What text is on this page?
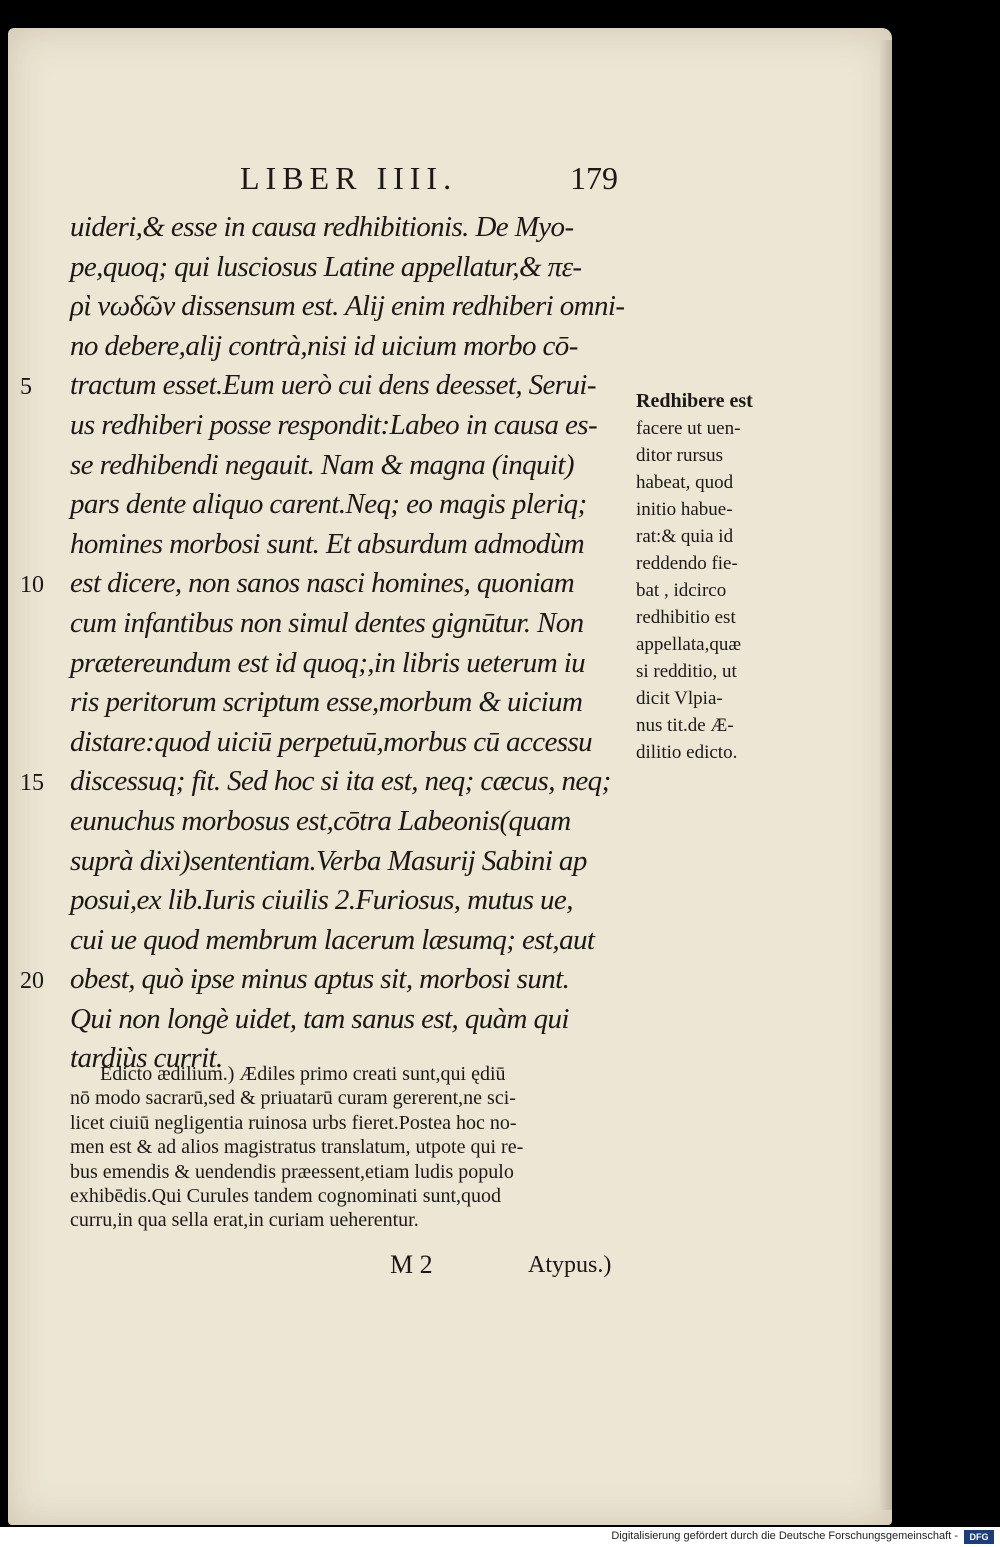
LIBER IIII.	179
5
10
15
20
uideri,& esse in causa redhibitionis. De Myo-
pe,quoq; qui lusciosus Latine appellatur,& πε-
ρὶ νωδῶν dissensum est. Alij enim redhiberi omni-
no debere,alij contrà,nisi id uicium morbo cō-
tractum esset.Eum uerò cui dens deesset, Serui-
us redhiberi posse respondit:Labeo in causa es-
se redhibendi negauit. Nam & magna (inquit)
pars dente aliquo carent.Neq; eo magis pleriq;
homines morbosi sunt. Et absurdum admodùm
est dicere, non sanos nasci homines, quoniam
cum infantibus non simul dentes gignūtur. Non
prætereundum est id quoq;,in libris ueterum iu
ris peritorum scriptum esse,morbum & uicium
distare:quod uiciū perpetuū,morbus cū accessu
discessuq; fit. Sed hoc si ita est, neq; cæcus, neq;
eunuchus morbosus est,cōtra Labeonis(quam
suprà dixi)sententiam.Verba Masurij Sabini ap
posui,ex lib.Iuris ciuilis 2.Furiosus, mutus ue,
cui ue quod membrum lacerum læsumq; est,aut
obest, quò ipse minus aptus sit, morbosi sunt.
Qui non longè uidet, tam sanus est, quàm qui
tardiùs currit.
Redhibere est
facere ut uen-
ditor rursus
habeat, quod
initio habue-
rat:& quia id
reddendo fie-
bat , idcirco
redhibitio est
appellata,quæ
si redditio, ut
dicit Vlpia-
nus tit.de Æ-
dilitio edicto.
Edicto ædilium.) Ædiles primo creati sunt,qui ędiū
nō modo sacrarū,sed & priuatarū curam gererent,ne sci-
licet ciuiū negligentia ruinosa urbs fieret.Postea hoc no-
men est & ad alios magistratus translatum, utpote qui re-
bus emendis & uendendis præessent,etiam ludis populo
exhibēdis.Qui Curules tandem cognominati sunt,quod
curru,in qua sella erat,in curiam ueherentur.
M 2	Atypus.)
Digitalisierung gefördert durch die Deutsche Forschungsgemeinschaft -	DFG
